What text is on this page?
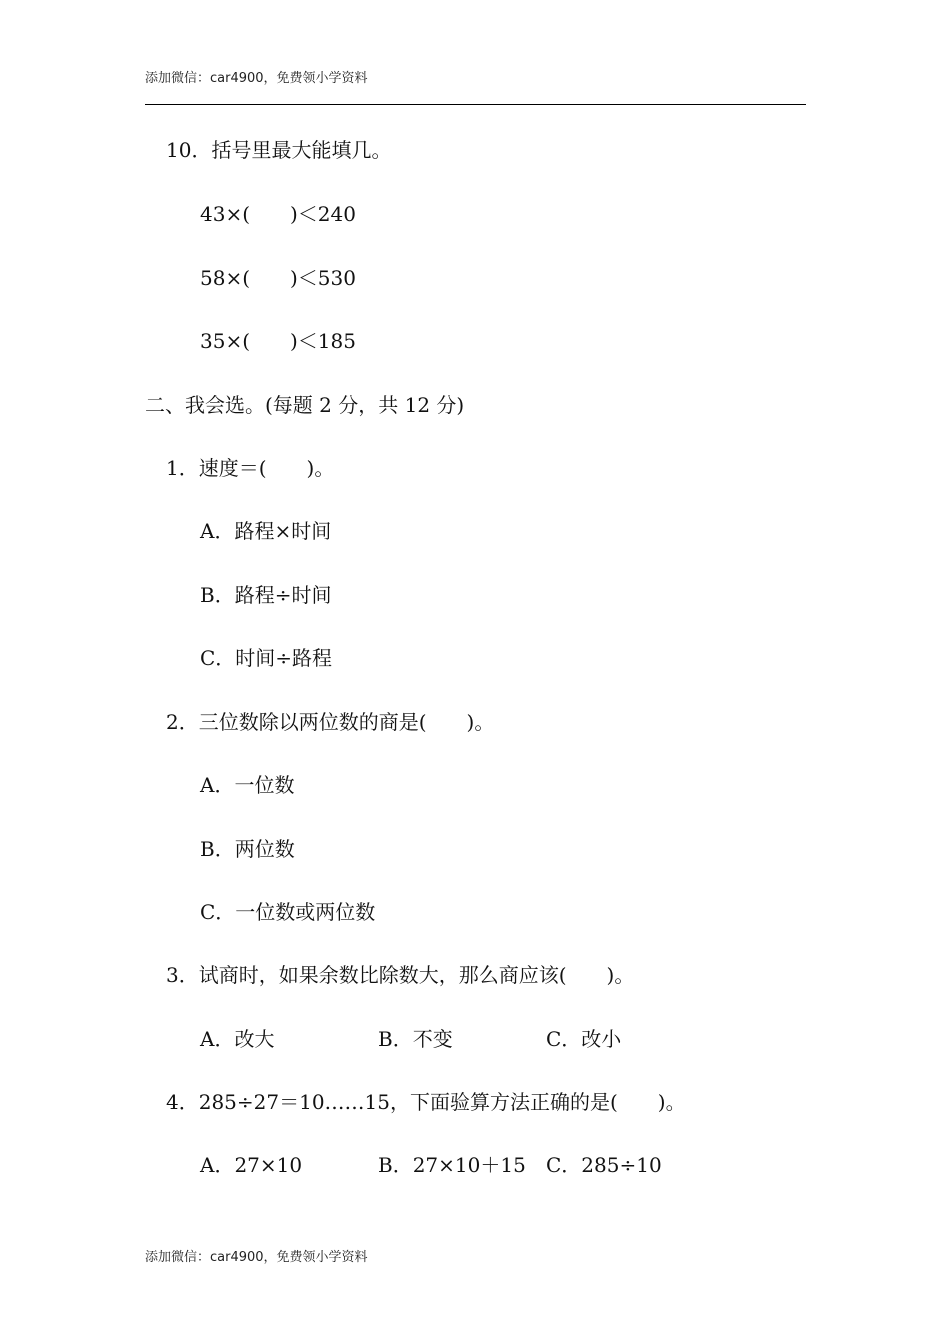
添加微信：car4900，免费领小学资料
10．括号里最大能填几。
43×(　　)＜240
58×(　　)＜530
35×(　　)＜185
二、我会选。(每题 2 分，共 12 分)
1．速度＝(　　)。
A．路程×时间
B．路程÷时间
C．时间÷路程
2．三位数除以两位数的商是(　　)。
A．一位数
B．两位数
C．一位数或两位数
3．试商时，如果余数比除数大，那么商应该(　　)。
A．改大	B．不变	C．改小
4．285÷27＝10……15，下面验算方法正确的是(　　)。
A．27×10	B．27×10＋15 C．285÷10
添加微信：car4900，免费领小学资料
